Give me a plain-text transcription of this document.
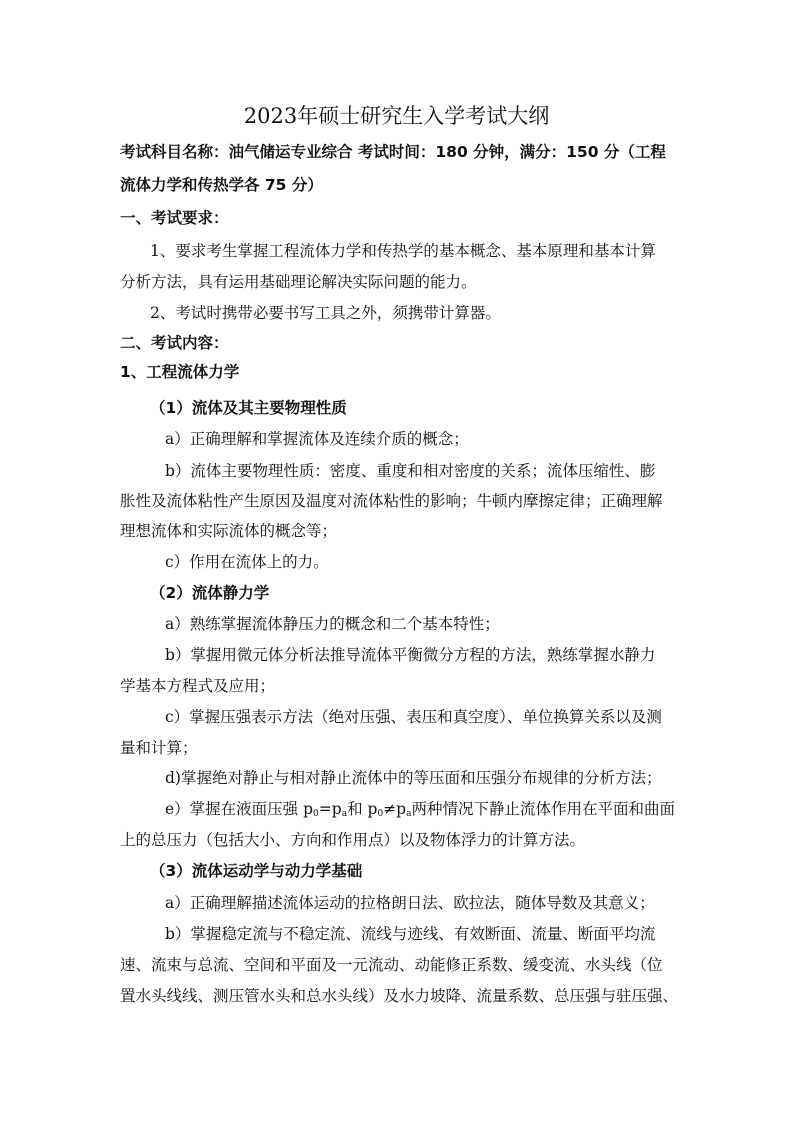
2023年硕士研究生入学考试大纲
考试科目名称：油气储运专业综合 考试时间：180 分钟，满分：150 分（工程
流体力学和传热学各 75 分）
一、考试要求：
1、要求考生掌握工程流体力学和传热学的基本概念、基本原理和基本计算
分析方法，具有运用基础理论解决实际问题的能力。
2、考试时携带必要书写工具之外，须携带计算器。
二、考试内容：
1、工程流体力学
（1）流体及其主要物理性质
a）正确理解和掌握流体及连续介质的概念；
b）流体主要物理性质：密度、重度和相对密度的关系；流体压缩性、膨
胀性及流体粘性产生原因及温度对流体粘性的影响；牛顿内摩擦定律；正确理解
理想流体和实际流体的概念等；
c）作用在流体上的力。
（2）流体静力学
a）熟练掌握流体静压力的概念和二个基本特性；
b）掌握用微元体分析法推导流体平衡微分方程的方法，熟练掌握水静力
学基本方程式及应用；
c）掌握压强表示方法（绝对压强、表压和真空度）、单位换算关系以及测
量和计算；
d)掌握绝对静止与相对静止流体中的等压面和压强分布规律的分析方法；
e）掌握在液面压强 $p_0=p_a$和 $p_0\ne p_a$两种情况下静止流体作用在平面和曲面
上的总压力（包括大小、方向和作用点）以及物体浮力的计算方法。
（3）流体运动学与动力学基础
a）正确理解描述流体运动的拉格朗日法、欧拉法，随体导数及其意义；
b）掌握稳定流与不稳定流、流线与迹线、有效断面、流量、断面平均流
速、流束与总流、空间和平面及一元流动、动能修正系数、缓变流、水头线（位
置水头线线、测压管水头和总水头线）及水力坡降、流量系数、总压强与驻压强、
